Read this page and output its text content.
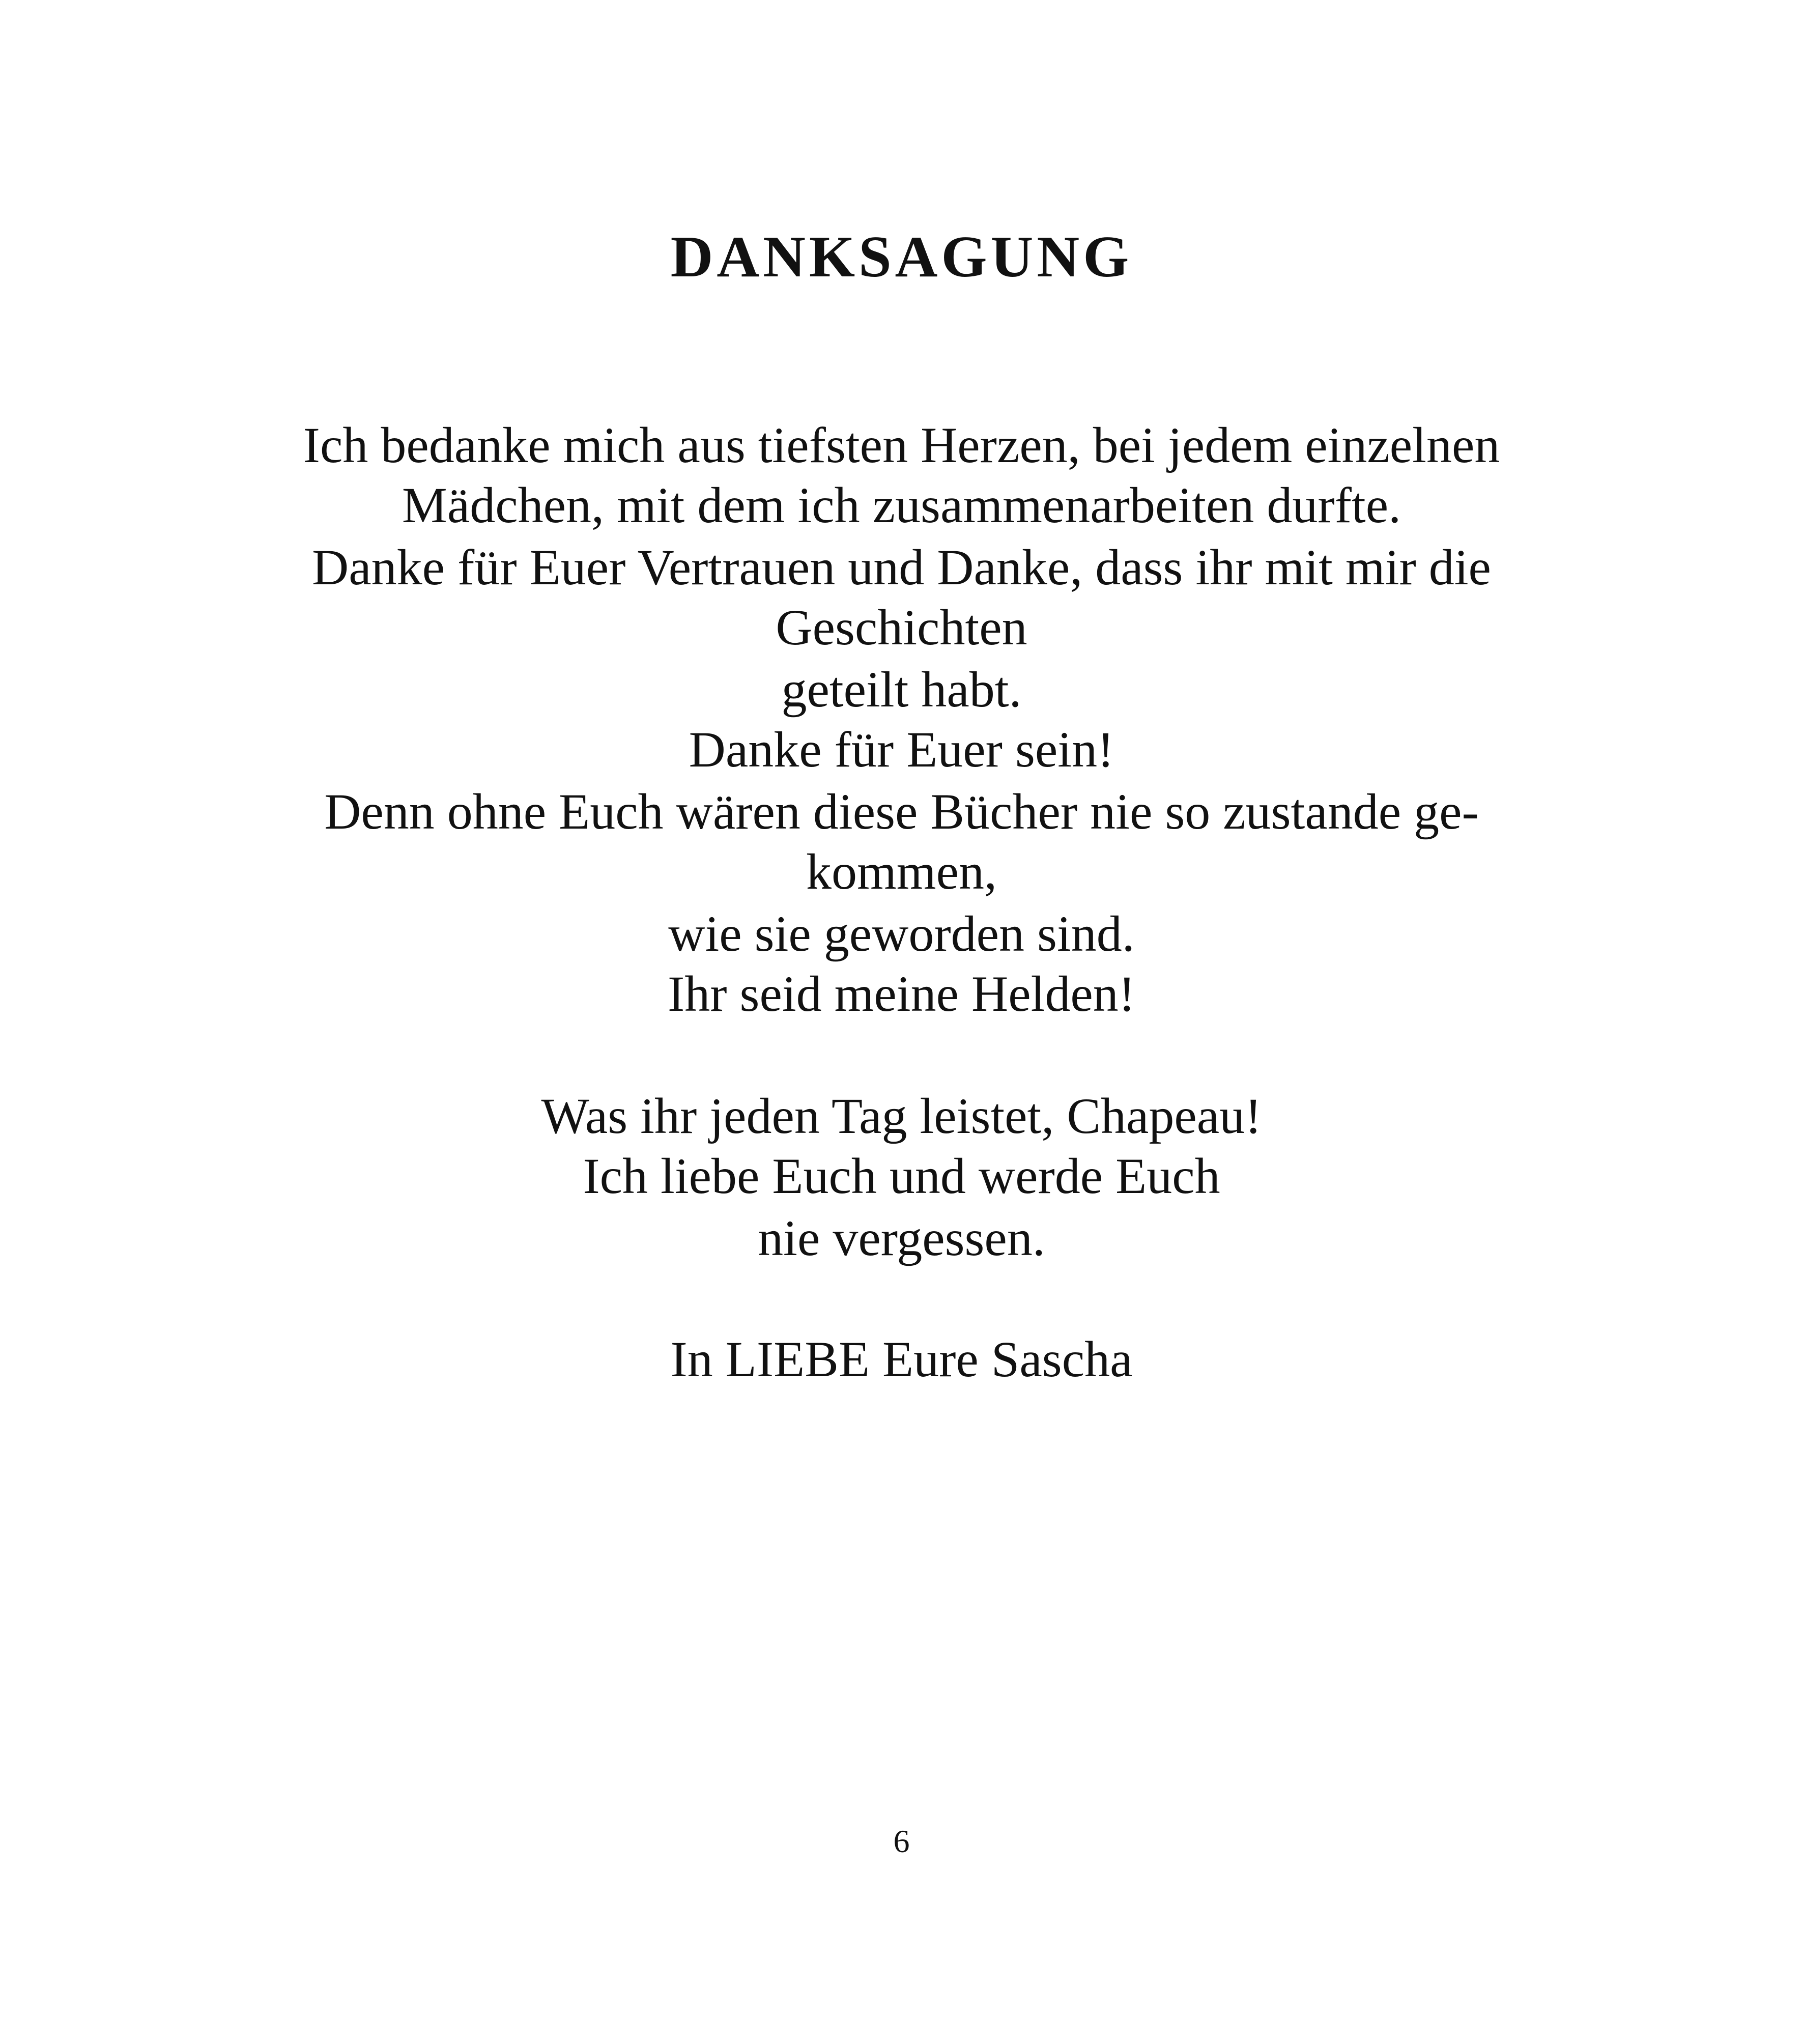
DANKSAGUNG
Ich bedanke mich aus tiefsten Herzen, bei jedem einzelnen
Mädchen, mit dem ich zusammenarbeiten durfte.
Danke für Euer Vertrauen und Danke, dass ihr mit mir die
Geschichten
geteilt habt.
Danke für Euer sein!
Denn ohne Euch wären diese Bücher nie so zustande ge-
kommen,
wie sie geworden sind.
Ihr seid meine Helden!
Was ihr jeden Tag leistet, Chapeau!
Ich liebe Euch und werde Euch
nie vergessen.
In LIEBE Eure Sascha
6
